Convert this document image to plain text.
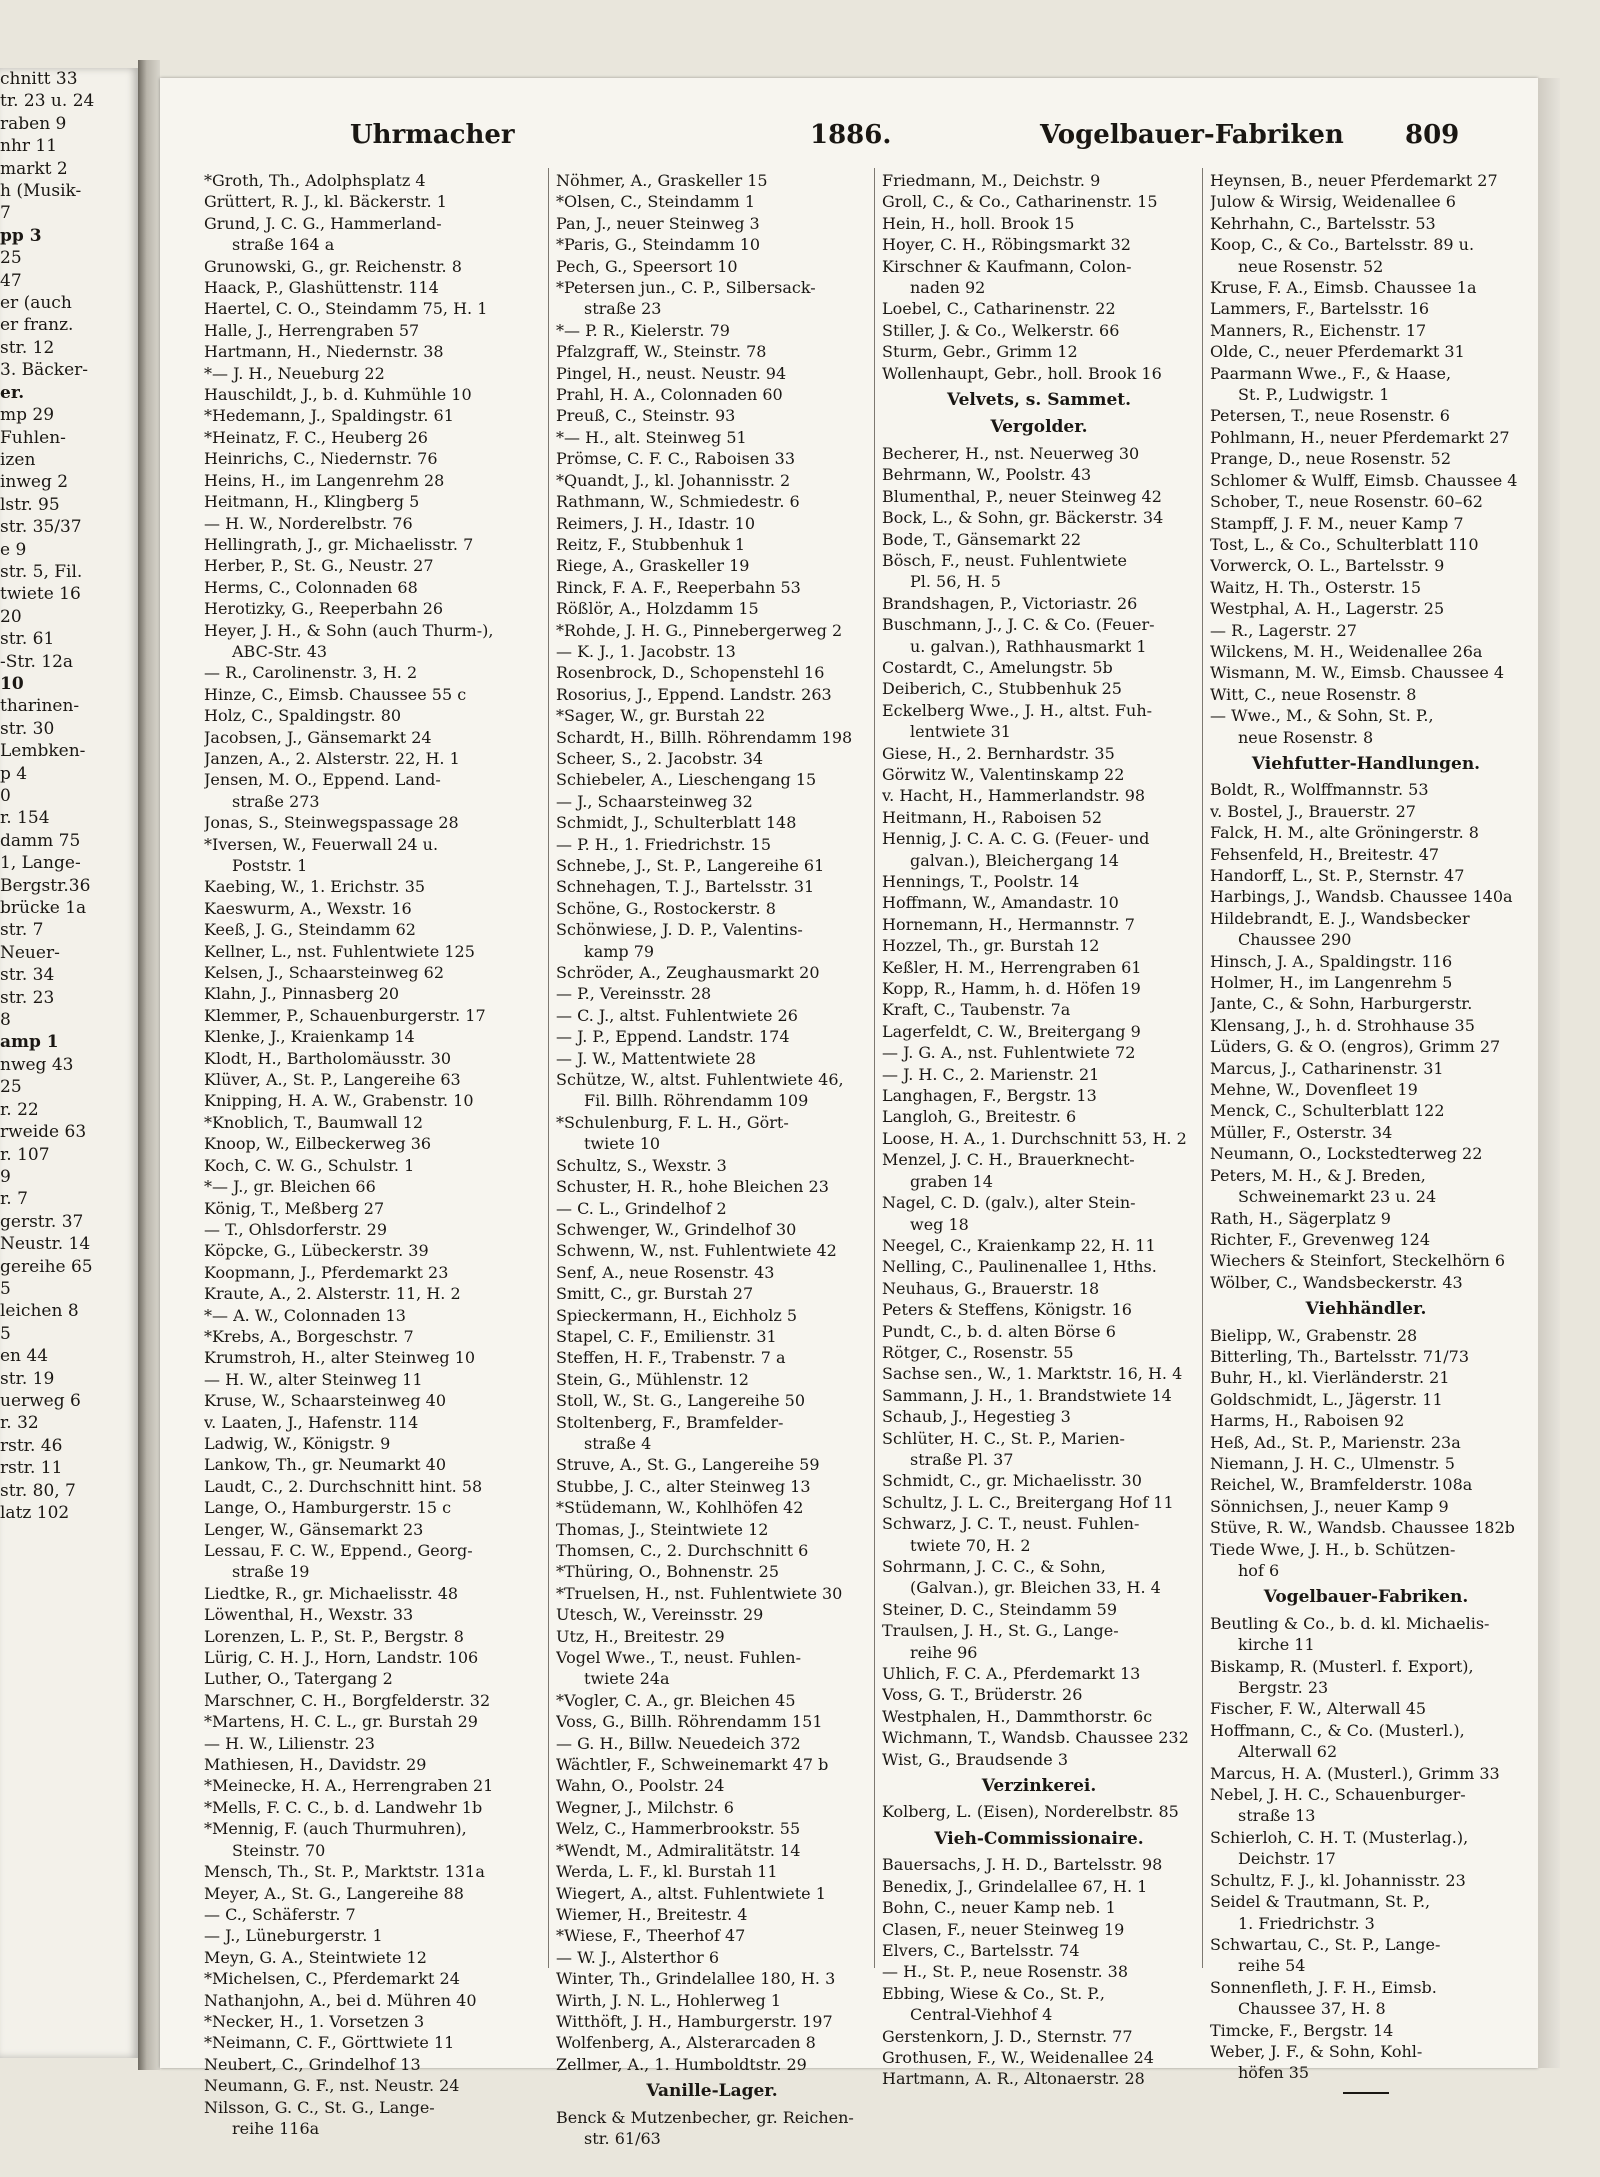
chnitt 33
tr. 23 u. 24
raben 9
nhr 11
markt 2
h (Musik-
7
pp 3
25
47
er (auch
er franz.
str. 12
3. Bäcker-
er.
mp 29
Fuhlen-
izen
inweg 2
lstr. 95
str. 35/37
e 9
str. 5, Fil.
twiete 16
20
str. 61
-Str. 12a
10
tharinen-
str. 30
Lembken-
p 4
0
r. 154
damm 75
1, Lange-
Bergstr.36
brücke 1a
str. 7
Neuer-
str. 34
str. 23
8
amp 1
nweg 43
25
r. 22
rweide 63
r. 107
9
r. 7
gerstr. 37
Neustr. 14
gereihe 65
5
leichen 8
5
en 44
str. 19
uerweg 6
r. 32
rstr. 46
rstr. 11
str. 80, 7
latz 102
Uhrmacher	1886.	Vogelbauer-Fabriken 809
*Groth, Th., Adolphsplatz 4
Grüttert, R. J., kl. Bäckerstr. 1
Grund, J. C. G., Hammerland-
straße 164 a
Grunowski, G., gr. Reichenstr. 8
Haack, P., Glashüttenstr. 114
Haertel, C. O., Steindamm 75, H. 1
Halle, J., Herrengraben 57
Hartmann, H., Niedernstr. 38
*— J. H., Neueburg 22
Hauschildt, J., b. d. Kuhmühle 10
*Hedemann, J., Spaldingstr. 61
*Heinatz, F. C., Heuberg 26
Heinrichs, C., Niedernstr. 76
Heins, H., im Langenrehm 28
Heitmann, H., Klingberg 5
— H. W., Norderelbstr. 76
Hellingrath, J., gr. Michaelisstr. 7
Herber, P., St. G., Neustr. 27
Herms, C., Colonnaden 68
Herotizky, G., Reeperbahn 26
Heyer, J. H., & Sohn (auch Thurm-),
ABC-Str. 43
— R., Carolinenstr. 3, H. 2
Hinze, C., Eimsb. Chaussee 55 c
Holz, C., Spaldingstr. 80
Jacobsen, J., Gänsemarkt 24
Janzen, A., 2. Alsterstr. 22, H. 1
Jensen, M. O., Eppend. Land-
straße 273
Jonas, S., Steinwegspassage 28
*Iversen, W., Feuerwall 24 u.
Poststr. 1
Kaebing, W., 1. Erichstr. 35
Kaeswurm, A., Wexstr. 16
Keeß, J. G., Steindamm 62
Kellner, L., nst. Fuhlentwiete 125
Kelsen, J., Schaarsteinweg 62
Klahn, J., Pinnasberg 20
Klemmer, P., Schauenburgerstr. 17
Klenke, J., Kraienkamp 14
Klodt, H., Bartholomäusstr. 30
Klüver, A., St. P., Langereihe 63
Knipping, H. A. W., Grabenstr. 10
*Knoblich, T., Baumwall 12
Knoop, W., Eilbeckerweg 36
Koch, C. W. G., Schulstr. 1
*— J., gr. Bleichen 66
König, T., Meßberg 27
— T., Ohlsdorferstr. 29
Köpcke, G., Lübeckerstr. 39
Koopmann, J., Pferdemarkt 23
Kraute, A., 2. Alsterstr. 11, H. 2
*— A. W., Colonnaden 13
*Krebs, A., Borgeschstr. 7
Krumstroh, H., alter Steinweg 10
— H. W., alter Steinweg 11
Kruse, W., Schaarsteinweg 40
v. Laaten, J., Hafenstr. 114
Ladwig, W., Königstr. 9
Lankow, Th., gr. Neumarkt 40
Laudt, C., 2. Durchschnitt hint. 58
Lange, O., Hamburgerstr. 15 c
Lenger, W., Gänsemarkt 23
Lessau, F. C. W., Eppend., Georg-
straße 19
Liedtke, R., gr. Michaelisstr. 48
Löwenthal, H., Wexstr. 33
Lorenzen, L. P., St. P., Bergstr. 8
Lürig, C. H. J., Horn, Landstr. 106
Luther, O., Tatergang 2
Marschner, C. H., Borgfelderstr. 32
*Martens, H. C. L., gr. Burstah 29
— H. W., Lilienstr. 23
Mathiesen, H., Davidstr. 29
*Meinecke, H. A., Herrengraben 21
*Mells, F. C. C., b. d. Landwehr 1b
*Mennig, F. (auch Thurmuhren),
Steinstr. 70
Mensch, Th., St. P., Marktstr. 131a
Meyer, A., St. G., Langereihe 88
— C., Schäferstr. 7
— J., Lüneburgerstr. 1
Meyn, G. A., Steintwiete 12
*Michelsen, C., Pferdemarkt 24
Nathanjohn, A., bei d. Mühren 40
*Necker, H., 1. Vorsetzen 3
*Neimann, C. F., Görttwiete 11
Neubert, C., Grindelhof 13
Neumann, G. F., nst. Neustr. 24
Nilsson, G. C., St. G., Lange-
reihe 116a
Nöhmer, A., Graskeller 15
*Olsen, C., Steindamm 1
Pan, J., neuer Steinweg 3
*Paris, G., Steindamm 10
Pech, G., Speersort 10
*Petersen jun., C. P., Silbersack-
straße 23
*— P. R., Kielerstr. 79
Pfalzgraff, W., Steinstr. 78
Pingel, H., neust. Neustr. 94
Prahl, H. A., Colonnaden 60
Preuß, C., Steinstr. 93
*— H., alt. Steinweg 51
Prömse, C. F. C., Raboisen 33
*Quandt, J., kl. Johannisstr. 2
Rathmann, W., Schmiedestr. 6
Reimers, J. H., Idastr. 10
Reitz, F., Stubbenhuk 1
Riege, A., Graskeller 19
Rinck, F. A. F., Reeperbahn 53
Rößlör, A., Holzdamm 15
*Rohde, J. H. G., Pinnebergerweg 2
— K. J., 1. Jacobstr. 13
Rosenbrock, D., Schopenstehl 16
Rosorius, J., Eppend. Landstr. 263
*Sager, W., gr. Burstah 22
Schardt, H., Billh. Röhrendamm 198
Scheer, S., 2. Jacobstr. 34
Schiebeler, A., Lieschengang 15
— J., Schaarsteinweg 32
Schmidt, J., Schulterblatt 148
— P. H., 1. Friedrichstr. 15
Schnebe, J., St. P., Langereihe 61
Schnehagen, T. J., Bartelsstr. 31
Schöne, G., Rostockerstr. 8
Schönwiese, J. D. P., Valentins-
kamp 79
Schröder, A., Zeughausmarkt 20
— P., Vereinsstr. 28
— C. J., altst. Fuhlentwiete 26
— J. P., Eppend. Landstr. 174
— J. W., Mattentwiete 28
Schütze, W., altst. Fuhlentwiete 46,
Fil. Billh. Röhrendamm 109
*Schulenburg, F. L. H., Gört-
twiete 10
Schultz, S., Wexstr. 3
Schuster, H. R., hohe Bleichen 23
— C. L., Grindelhof 2
Schwenger, W., Grindelhof 30
Schwenn, W., nst. Fuhlentwiete 42
Senf, A., neue Rosenstr. 43
Smitt, C., gr. Burstah 27
Spieckermann, H., Eichholz 5
Stapel, C. F., Emilienstr. 31
Steffen, H. F., Trabenstr. 7 a
Stein, G., Mühlenstr. 12
Stoll, W., St. G., Langereihe 50
Stoltenberg, F., Bramfelder-
straße 4
Struve, A., St. G., Langereihe 59
Stubbe, J. C., alter Steinweg 13
*Stüdemann, W., Kohlhöfen 42
Thomas, J., Steintwiete 12
Thomsen, C., 2. Durchschnitt 6
*Thüring, O., Bohnenstr. 25
*Truelsen, H., nst. Fuhlentwiete 30
Utesch, W., Vereinsstr. 29
Utz, H., Breitestr. 29
Vogel Wwe., T., neust. Fuhlen-
twiete 24a
*Vogler, C. A., gr. Bleichen 45
Voss, G., Billh. Röhrendamm 151
— G. H., Billw. Neuedeich 372
Wächtler, F., Schweinemarkt 47 b
Wahn, O., Poolstr. 24
Wegner, J., Milchstr. 6
Welz, C., Hammerbrookstr. 55
*Wendt, M., Admiralitätstr. 14
Werda, L. F., kl. Burstah 11
Wiegert, A., altst. Fuhlentwiete 1
Wiemer, H., Breitestr. 4
*Wiese, F., Theerhof 47
— W. J., Alsterthor 6
Winter, Th., Grindelallee 180, H. 3
Wirth, J. N. L., Hohlerweg 1
Witthöft, J. H., Hamburgerstr. 197
Wolfenberg, A., Alsterarcaden 8
Zellmer, A., 1. Humboldtstr. 29
Vanille-Lager.
Benck & Mutzenbecher, gr. Reichen-
str. 61/63
Friedmann, M., Deichstr. 9
Groll, C., & Co., Catharinenstr. 15
Hein, H., holl. Brook 15
Hoyer, C. H., Röbingsmarkt 32
Kirschner & Kaufmann, Colon-
naden 92
Loebel, C., Catharinenstr. 22
Stiller, J. & Co., Welkerstr. 66
Sturm, Gebr., Grimm 12
Wollenhaupt, Gebr., holl. Brook 16
Velvets, s. Sammet.
Vergolder.
Becherer, H., nst. Neuerweg 30
Behrmann, W., Poolstr. 43
Blumenthal, P., neuer Steinweg 42
Bock, L., & Sohn, gr. Bäckerstr. 34
Bode, T., Gänsemarkt 22
Bösch, F., neust. Fuhlentwiete
Pl. 56, H. 5
Brandshagen, P., Victoriastr. 26
Buschmann, J., J. C. & Co. (Feuer-
u. galvan.), Rathhausmarkt 1
Costardt, C., Amelungstr. 5b
Deiberich, C., Stubbenhuk 25
Eckelberg Wwe., J. H., altst. Fuh-
lentwiete 31
Giese, H., 2. Bernhardstr. 35
Görwitz W., Valentinskamp 22
v. Hacht, H., Hammerlandstr. 98
Heitmann, H., Raboisen 52
Hennig, J. C. A. C. G. (Feuer- und
galvan.), Bleichergang 14
Hennings, T., Poolstr. 14
Hoffmann, W., Amandastr. 10
Hornemann, H., Hermannstr. 7
Hozzel, Th., gr. Burstah 12
Keßler, H. M., Herrengraben 61
Kopp, R., Hamm, h. d. Höfen 19
Kraft, C., Taubenstr. 7a
Lagerfeldt, C. W., Breitergang 9
— J. G. A., nst. Fuhlentwiete 72
— J. H. C., 2. Marienstr. 21
Langhagen, F., Bergstr. 13
Langloh, G., Breitestr. 6
Loose, H. A., 1. Durchschnitt 53, H. 2
Menzel, J. C. H., Brauerknecht-
graben 14
Nagel, C. D. (galv.), alter Stein-
weg 18
Neegel, C., Kraienkamp 22, H. 11
Nelling, C., Paulinenallee 1, Hths.
Neuhaus, G., Brauerstr. 18
Peters & Steffens, Königstr. 16
Pundt, C., b. d. alten Börse 6
Rötger, C., Rosenstr. 55
Sachse sen., W., 1. Marktstr. 16, H. 4
Sammann, J. H., 1. Brandstwiete 14
Schaub, J., Hegestieg 3
Schlüter, H. C., St. P., Marien-
straße Pl. 37
Schmidt, C., gr. Michaelisstr. 30
Schultz, J. L. C., Breitergang Hof 11
Schwarz, J. C. T., neust. Fuhlen-
twiete 70, H. 2
Sohrmann, J. C. C., & Sohn,
(Galvan.), gr. Bleichen 33, H. 4
Steiner, D. C., Steindamm 59
Traulsen, J. H., St. G., Lange-
reihe 96
Uhlich, F. C. A., Pferdemarkt 13
Voss, G. T., Brüderstr. 26
Westphalen, H., Dammthorstr. 6c
Wichmann, T., Wandsb. Chaussee 232
Wist, G., Braudsende 3
Verzinkerei.
Kolberg, L. (Eisen), Norderelbstr. 85
Vieh-Commissionaire.
Bauersachs, J. H. D., Bartelsstr. 98
Benedix, J., Grindelallee 67, H. 1
Bohn, C., neuer Kamp neb. 1
Clasen, F., neuer Steinweg 19
Elvers, C., Bartelsstr. 74
— H., St. P., neue Rosenstr. 38
Ebbing, Wiese & Co., St. P.,
Central-Viehhof 4
Gerstenkorn, J. D., Sternstr. 77
Grothusen, F., W., Weidenallee 24
Hartmann, A. R., Altonaerstr. 28
Heynsen, B., neuer Pferdemarkt 27
Julow & Wirsig, Weidenallee 6
Kehrhahn, C., Bartelsstr. 53
Koop, C., & Co., Bartelsstr. 89 u.
neue Rosenstr. 52
Kruse, F. A., Eimsb. Chaussee 1a
Lammers, F., Bartelsstr. 16
Manners, R., Eichenstr. 17
Olde, C., neuer Pferdemarkt 31
Paarmann Wwe., F., & Haase,
St. P., Ludwigstr. 1
Petersen, T., neue Rosenstr. 6
Pohlmann, H., neuer Pferdemarkt 27
Prange, D., neue Rosenstr. 52
Schlomer & Wulff, Eimsb. Chaussee 4
Schober, T., neue Rosenstr. 60–62
Stampff, J. F. M., neuer Kamp 7
Tost, L., & Co., Schulterblatt 110
Vorwerck, O. L., Bartelsstr. 9
Waitz, H. Th., Osterstr. 15
Westphal, A. H., Lagerstr. 25
— R., Lagerstr. 27
Wilckens, M. H., Weidenallee 26a
Wismann, M. W., Eimsb. Chaussee 4
Witt, C., neue Rosenstr. 8
— Wwe., M., & Sohn, St. P.,
neue Rosenstr. 8
Viehfutter-Handlungen.
Boldt, R., Wolffmannstr. 53
v. Bostel, J., Brauerstr. 27
Falck, H. M., alte Gröningerstr. 8
Fehsenfeld, H., Breitestr. 47
Handorff, L., St. P., Sternstr. 47
Harbings, J., Wandsb. Chaussee 140a
Hildebrandt, E. J., Wandsbecker
Chaussee 290
Hinsch, J. A., Spaldingstr. 116
Holmer, H., im Langenrehm 5
Jante, C., & Sohn, Harburgerstr.
Klensang, J., h. d. Strohhause 35
Lüders, G. & O. (engros), Grimm 27
Marcus, J., Catharinenstr. 31
Mehne, W., Dovenfleet 19
Menck, C., Schulterblatt 122
Müller, F., Osterstr. 34
Neumann, O., Lockstedterweg 22
Peters, M. H., & J. Breden,
Schweinemarkt 23 u. 24
Rath, H., Sägerplatz 9
Richter, F., Grevenweg 124
Wiechers & Steinfort, Steckelhörn 6
Wölber, C., Wandsbeckerstr. 43
Viehhändler.
Bielipp, W., Grabenstr. 28
Bitterling, Th., Bartelsstr. 71/73
Buhr, H., kl. Vierländerstr. 21
Goldschmidt, L., Jägerstr. 11
Harms, H., Raboisen 92
Heß, Ad., St. P., Marienstr. 23a
Niemann, J. H. C., Ulmenstr. 5
Reichel, W., Bramfelderstr. 108a
Sönnichsen, J., neuer Kamp 9
Stüve, R. W., Wandsb. Chaussee 182b
Tiede Wwe, J. H., b. Schützen-
hof 6
Vogelbauer-Fabriken.
Beutling & Co., b. d. kl. Michaelis-
kirche 11
Biskamp, R. (Musterl. f. Export),
Bergstr. 23
Fischer, F. W., Alterwall 45
Hoffmann, C., & Co. (Musterl.),
Alterwall 62
Marcus, H. A. (Musterl.), Grimm 33
Nebel, J. H. C., Schauenburger-
straße 13
Schierloh, C. H. T. (Musterlag.),
Deichstr. 17
Schultz, F. J., kl. Johannisstr. 23
Seidel & Trautmann, St. P.,
1. Friedrichstr. 3
Schwartau, C., St. P., Lange-
reihe 54
Sonnenfleth, J. F. H., Eimsb.
Chaussee 37, H. 8
Timcke, F., Bergstr. 14
Weber, J. F., & Sohn, Kohl-
höfen 35
